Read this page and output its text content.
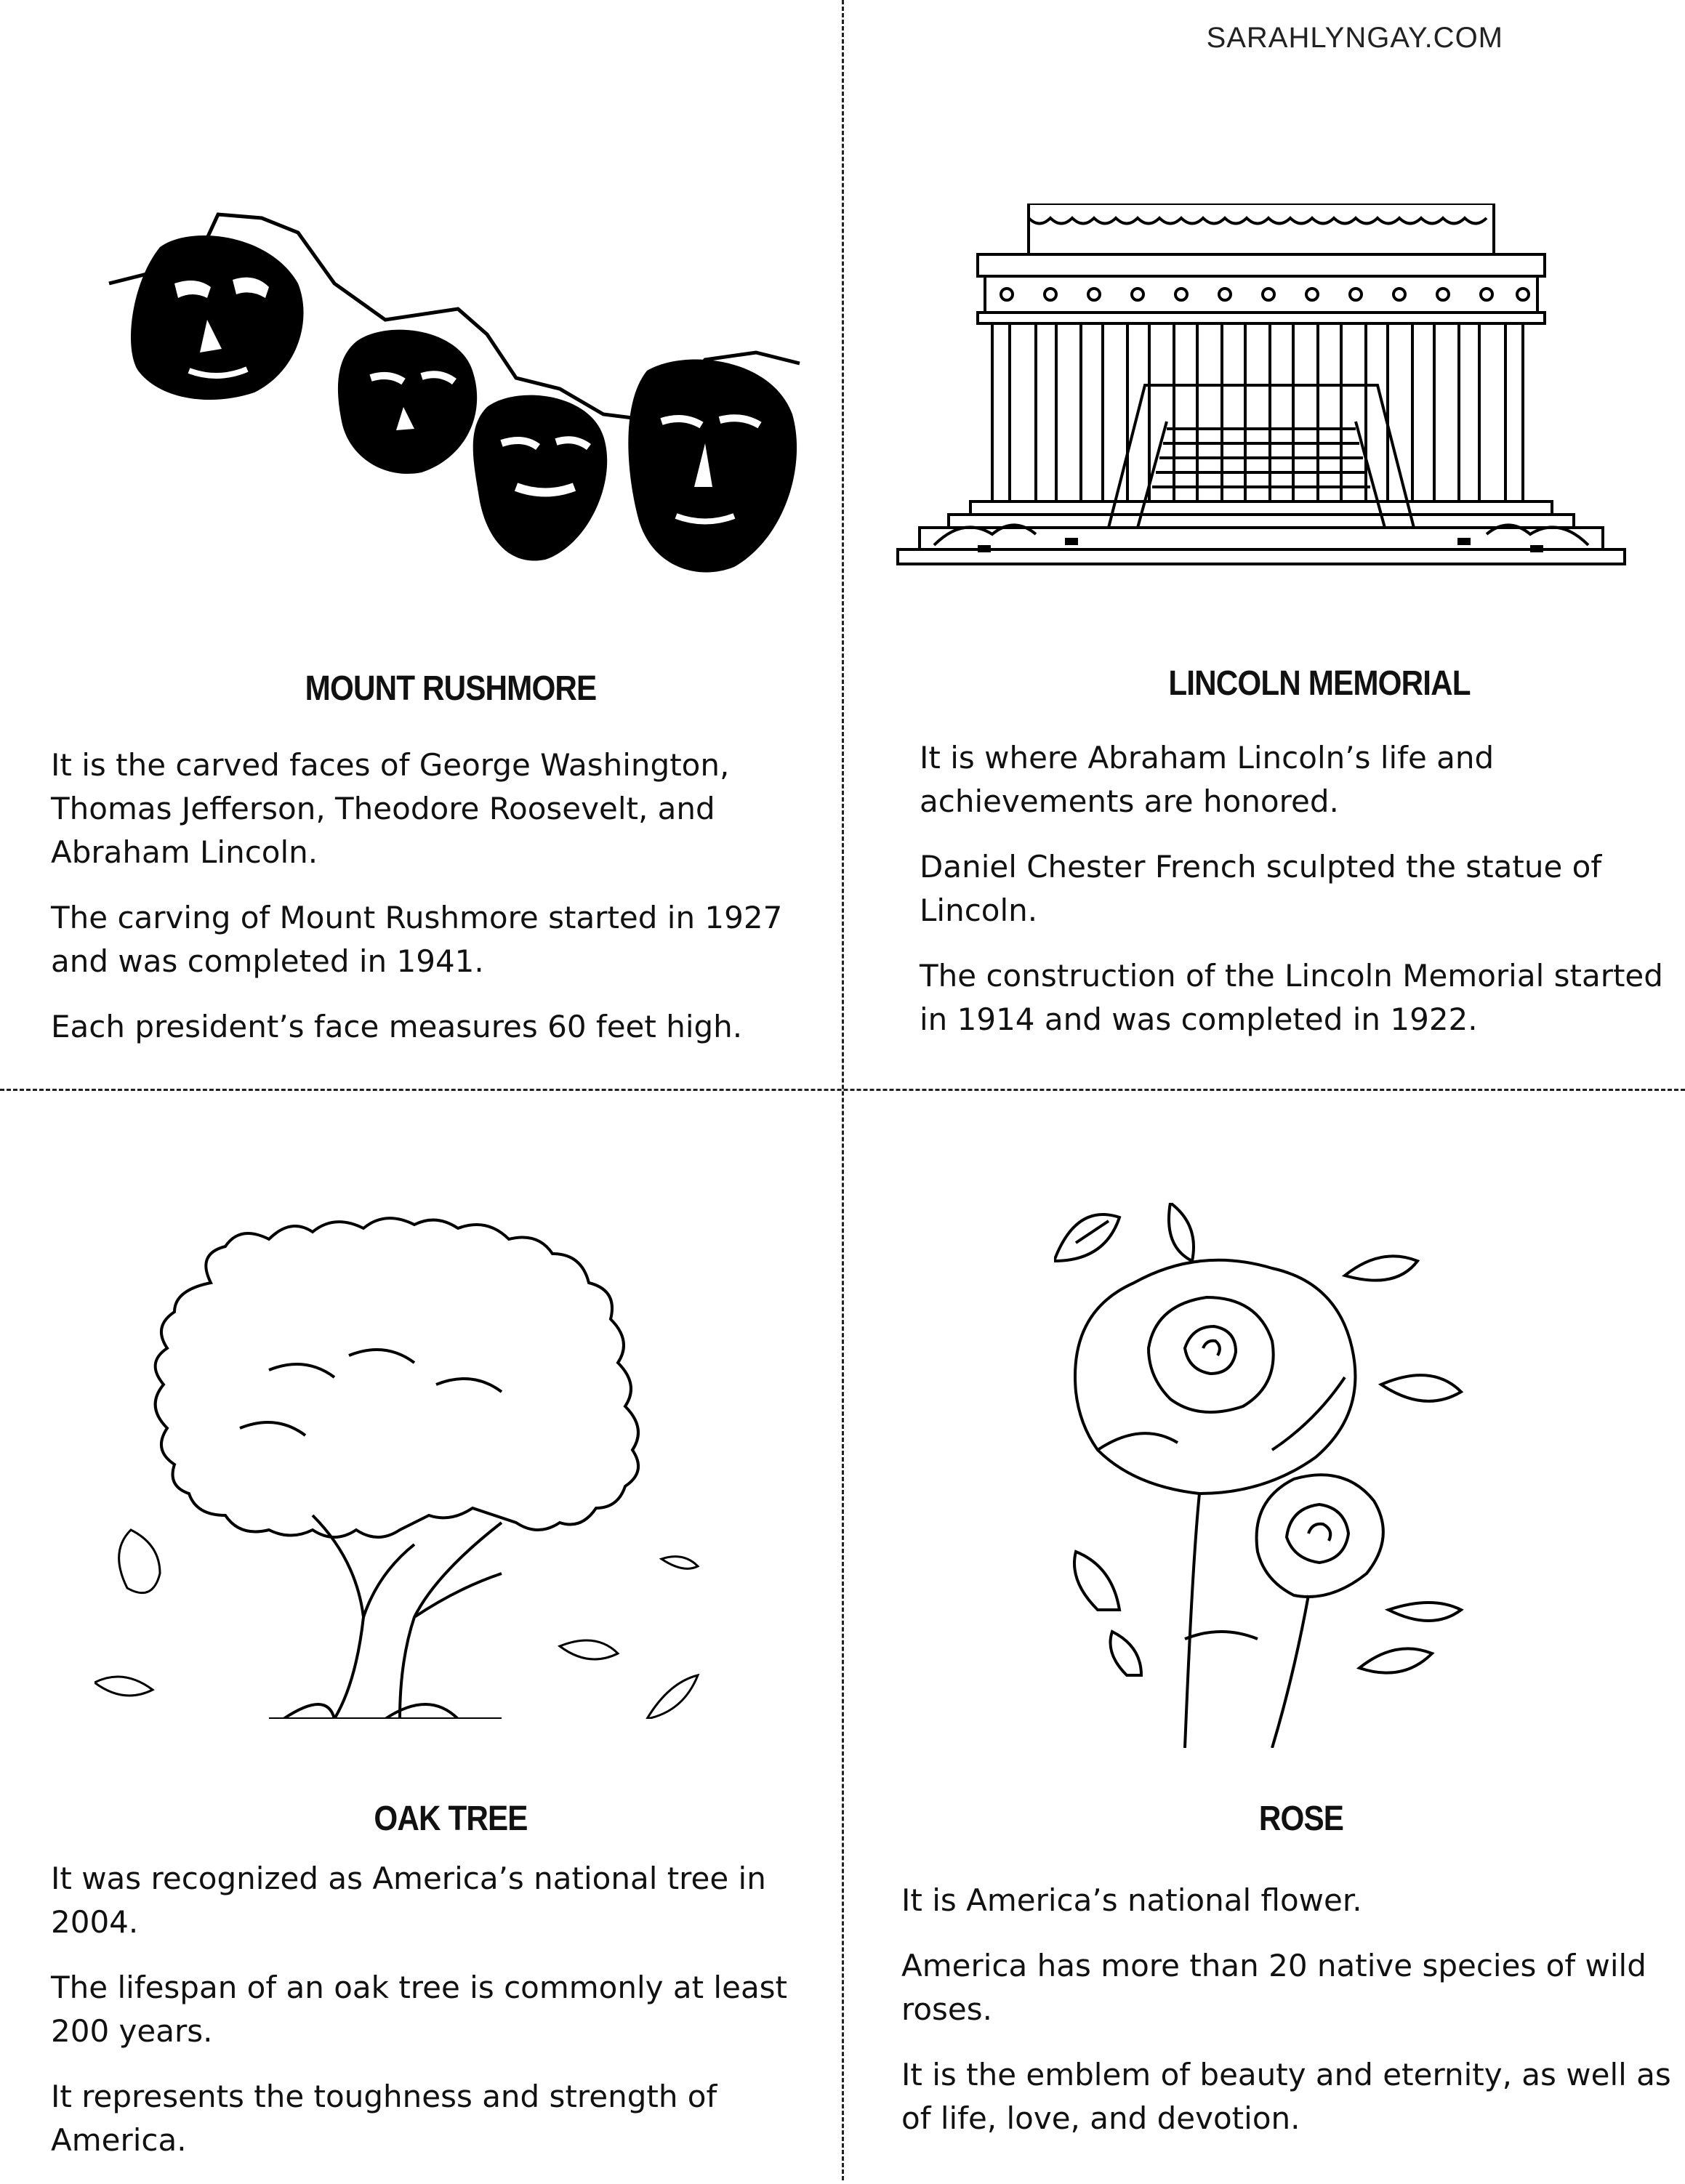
SARAHLYNGAY.COM
MOUNT RUSHMORE

It is the carved faces of George Washington, Thomas Jefferson, Theodore Roosevelt, and Abraham Lincoln.

The carving of Mount Rushmore started in 1927 and was completed in 1941.

Each president’s face measures 60 feet high.

LINCOLN MEMORIAL

It is where Abraham Lincoln’s life and achievements are honored.

Daniel Chester French sculpted the statue of Lincoln.

The construction of the Lincoln Memorial started in 1914 and was completed in 1922.

OAK TREE

It was recognized as America’s national tree in 2004.

The lifespan of an oak tree is commonly at least 200 years.

It represents the toughness and strength of America.

ROSE

It is America’s national flower.

America has more than 20 native species of wild roses.

It is the emblem of beauty and eternity, as well as of life, love, and devotion.
